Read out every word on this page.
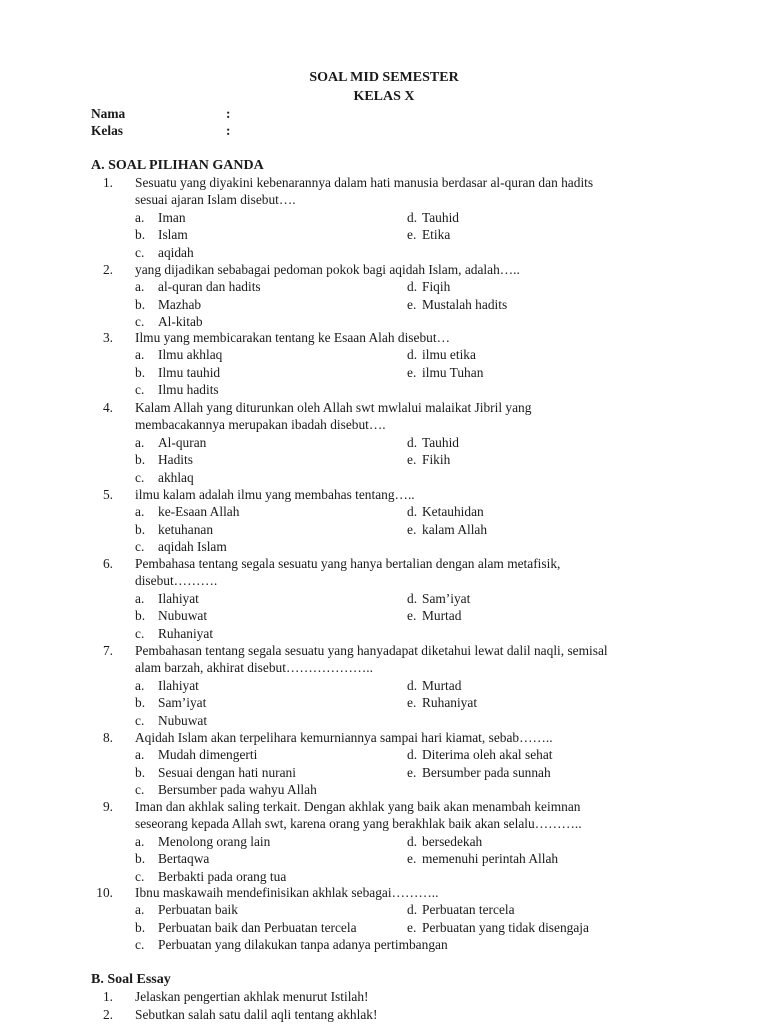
SOAL MID SEMESTER
KELAS X
Nama	:
Kelas	:
A. SOAL PILIHAN GANDA
1. Sesuatu yang diyakini kebenarannya dalam hati manusia berdasar al-quran dan hadits
sesuai ajaran Islam disebut….
a. Iman	d. Tauhid
b. Islam	e. Etika
c. aqidah
2. yang dijadikan sebabagai pedoman pokok bagi aqidah Islam, adalah…..
a. al-quran dan hadits	d. Fiqih
b. Mazhab	e. Mustalah hadits
c. Al-kitab
3. Ilmu yang membicarakan tentang ke Esaan Alah disebut…
a. Ilmu akhlaq	d. ilmu etika
b. Ilmu tauhid	e. ilmu Tuhan
c. Ilmu hadits
4. Kalam Allah yang diturunkan oleh Allah swt mwlalui malaikat Jibril yang
membacakannya merupakan ibadah disebut….
a. Al-quran	d. Tauhid
b. Hadits	e. Fikih
c. akhlaq
5. ilmu kalam adalah ilmu yang membahas tentang…..
a. ke-Esaan Allah	d. Ketauhidan
b. ketuhanan	e. kalam Allah
c. aqidah Islam
6. Pembahasa tentang segala sesuatu yang hanya bertalian dengan alam metafisik,
disebut……….
a. Ilahiyat	d. Sam’iyat
b. Nubuwat	e. Murtad
c. Ruhaniyat
7. Pembahasan tentang segala sesuatu yang hanyadapat diketahui lewat dalil naqli, semisal
alam barzah, akhirat disebut………………..
a. Ilahiyat	d. Murtad
b. Sam’iyat	e. Ruhaniyat
c. Nubuwat
8. Aqidah Islam akan terpelihara kemurniannya sampai hari kiamat, sebab……..
a. Mudah dimengerti	d. Diterima oleh akal sehat
b. Sesuai dengan hati nurani	e. Bersumber pada sunnah
c. Bersumber pada wahyu Allah
9. Iman dan akhlak saling terkait. Dengan akhlak yang baik akan menambah keimnan
seseorang kepada Allah swt, karena orang yang berakhlak baik akan selalu………..
a. Menolong orang lain	d. bersedekah
b. Bertaqwa	e. memenuhi perintah Allah
c. Berbakti pada orang tua
10. Ibnu maskawaih mendefinisikan akhlak sebagai………..
a. Perbuatan baik	d. Perbuatan tercela
b. Perbuatan baik dan Perbuatan tercela	e. Perbuatan yang tidak disengaja
c. Perbuatan yang dilakukan tanpa adanya pertimbangan
B. Soal Essay
1. Jelaskan pengertian akhlak menurut Istilah!
2. Sebutkan salah satu dalil aqli tentang akhlak!
